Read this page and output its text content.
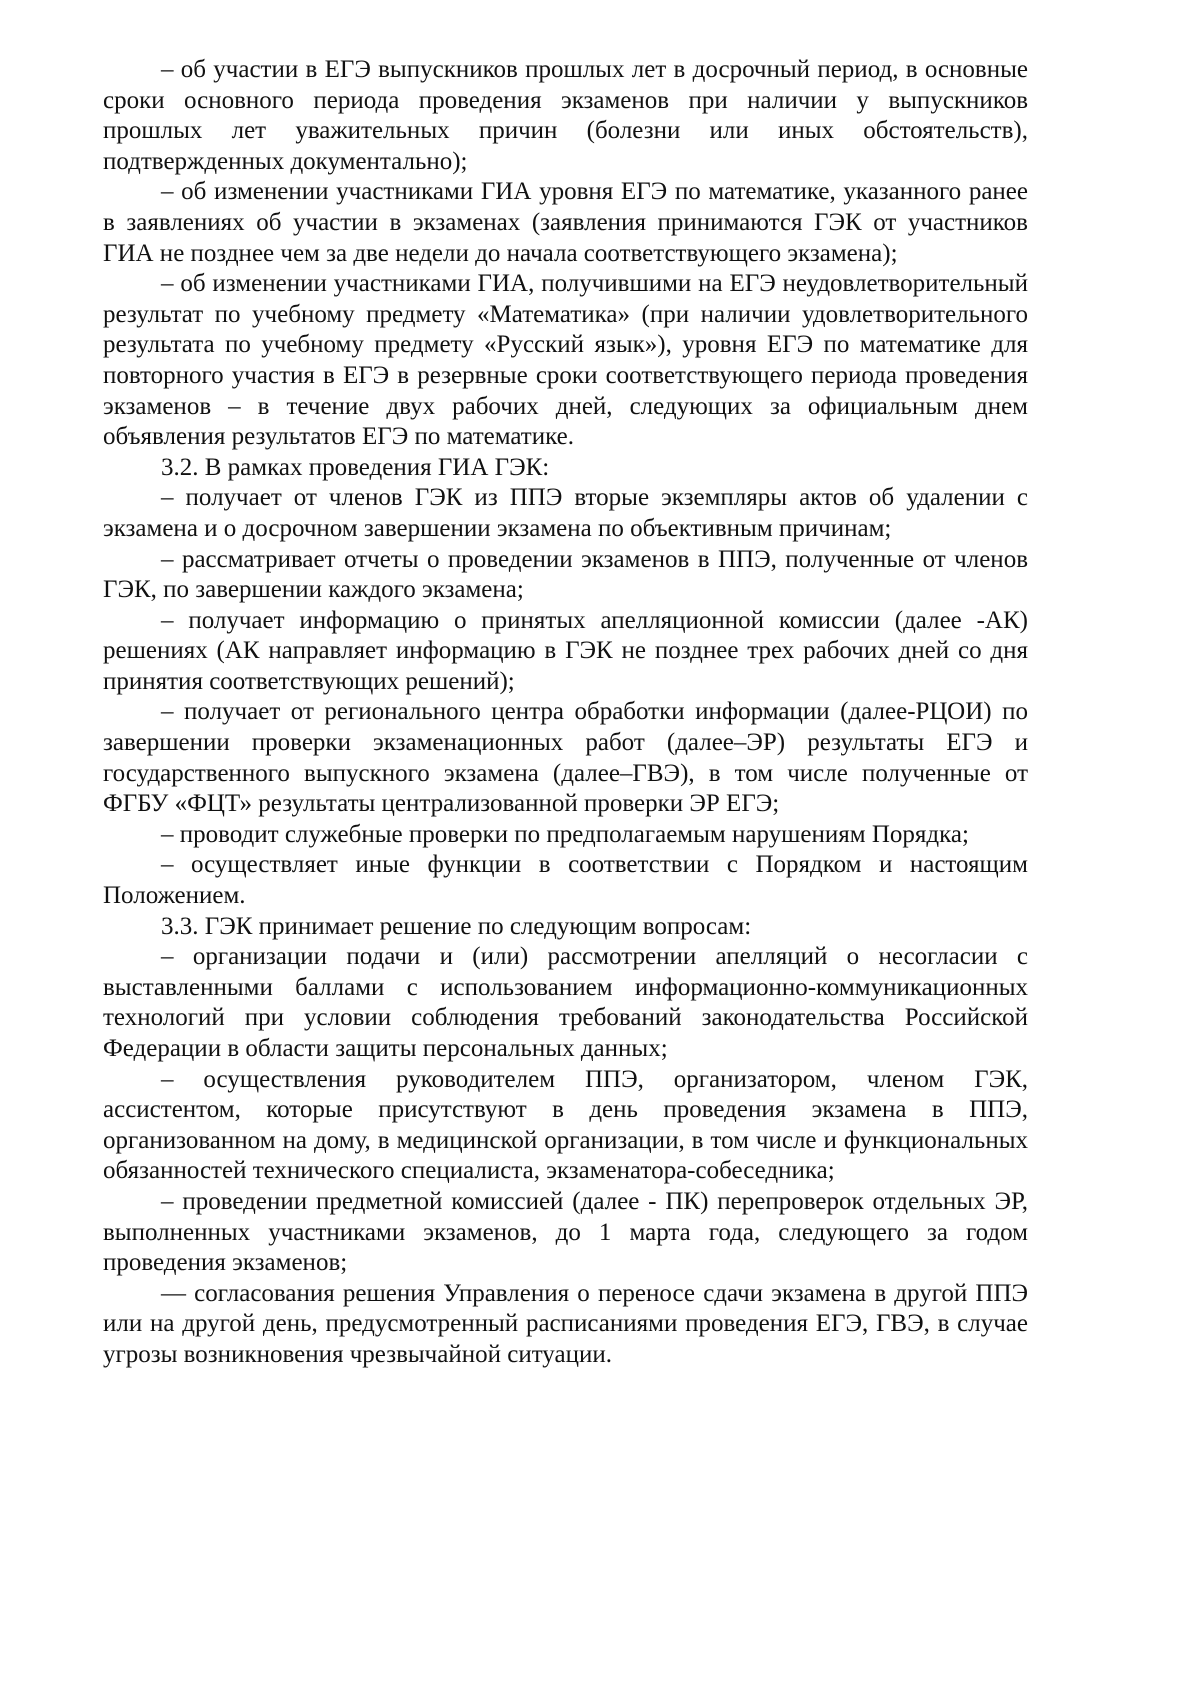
– об участии в ЕГЭ выпускников прошлых лет в досрочный период, в основные сроки основного периода проведения экзаменов при наличии у выпускников прошлых лет уважительных причин (болезни или иных обстоятельств), подтвержденных документально);

– об изменении участниками ГИА уровня ЕГЭ по математике, указанного ранее в заявлениях об участии в экзаменах (заявления принимаются ГЭК от участников ГИА не позднее чем за две недели до начала соответствующего экзамена);

– об изменении участниками ГИА, получившими на ЕГЭ неудовлетворительный результат по учебному предмету «Математика» (при наличии удовлетворительного результата по учебному предмету «Русский язык»), уровня ЕГЭ по математике для повторного участия в ЕГЭ в резервные сроки соответствующего периода проведения экзаменов – в течение двух рабочих дней, следующих за официальным днем объявления результатов ЕГЭ по математике.

3.2. В рамках проведения ГИА ГЭК:

– получает от членов ГЭК из ППЭ вторые экземпляры актов об удалении с экзамена и о досрочном завершении экзамена по объективным причинам;

– рассматривает отчеты о проведении экзаменов в ППЭ, полученные от членов ГЭК, по завершении каждого экзамена;

– получает информацию о принятых апелляционной комиссии (далее -АК) решениях (АК направляет информацию в ГЭК не позднее трех рабочих дней со дня принятия соответствующих решений);

– получает от регионального центра обработки информации (далее-РЦОИ) по завершении проверки экзаменационных работ (далее–ЭР) результаты ЕГЭ и государственного выпускного экзамена (далее–ГВЭ), в том числе полученные от ФГБУ «ФЦТ» результаты централизованной проверки ЭР ЕГЭ;

– проводит служебные проверки по предполагаемым нарушениям Порядка;

– осуществляет иные функции в соответствии с Порядком и настоящим Положением.

3.3. ГЭК принимает решение по следующим вопросам:

– организации подачи и (или) рассмотрении апелляций о несогласии с выставленными баллами с использованием информационно-коммуникационных технологий при условии соблюдения требований законодательства Российской Федерации в области защиты персональных данных;

– осуществления руководителем ППЭ, организатором, членом ГЭК, ассистентом, которые присутствуют в день проведения экзамена в ППЭ, организованном на дому, в медицинской организации, в том числе и функциональных обязанностей технического специалиста, экзаменатора-собеседника;

– проведении предметной комиссией (далее - ПК) перепроверок отдельных ЭР, выполненных участниками экзаменов, до 1 марта года, следующего за годом проведения экзаменов;

— согласования решения Управления о переносе сдачи экзамена в другой ППЭ или на другой день, предусмотренный расписаниями проведения ЕГЭ, ГВЭ, в случае угрозы возникновения чрезвычайной ситуации.
